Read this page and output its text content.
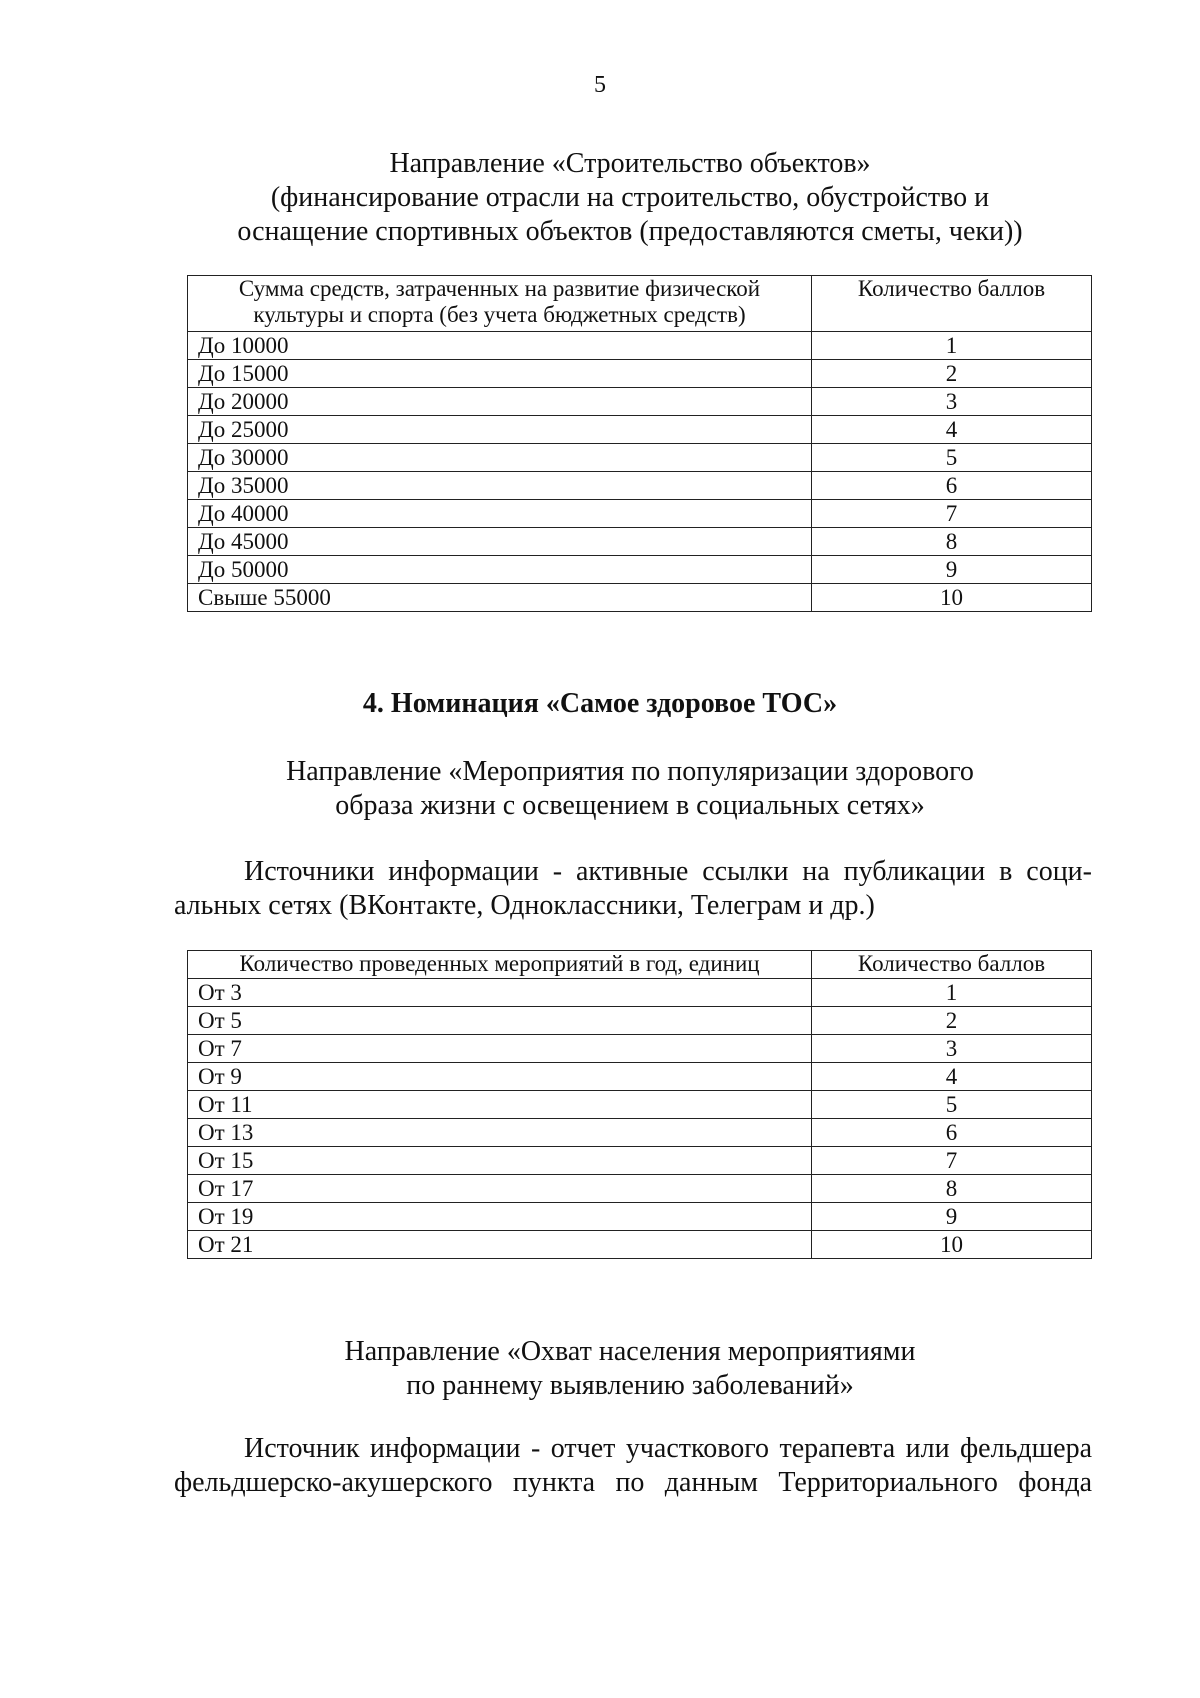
5
Направление «Строительство объектов»
(финансирование отрасли на строительство, обустройство и
оснащение спортивных объектов (предоставляются сметы, чеки))
Сумма средств, затраченных на развитие физической культуры и спорта (без учета бюджетных средств)	Количество баллов
До 10000	1
До 15000	2
До 20000	3
До 25000	4
До 30000	5
До 35000	6
До 40000	7
До 45000	8
До 50000	9
Свыше 55000	10
4. Номинация «Самое здоровое ТОС»
Направление «Мероприятия по популяризации здорового
образа жизни с освещением в социальных сетях»
Источники информации - активные ссылки на публикации в соци-
альных сетях (ВКонтакте, Одноклассники, Телеграм и др.)
Количество проведенных мероприятий в год, единиц	Количество баллов
От 3	1
От 5	2
От 7	3
От 9	4
От 11	5
От 13	6
От 15	7
От 17	8
От 19	9
От 21	10
Направление «Охват населения мероприятиями
по раннему выявлению заболеваний»
Источник информации - отчет участкового терапевта или фельдшера
фельдшерско-акушерского пункта по данным Территориального фонда
